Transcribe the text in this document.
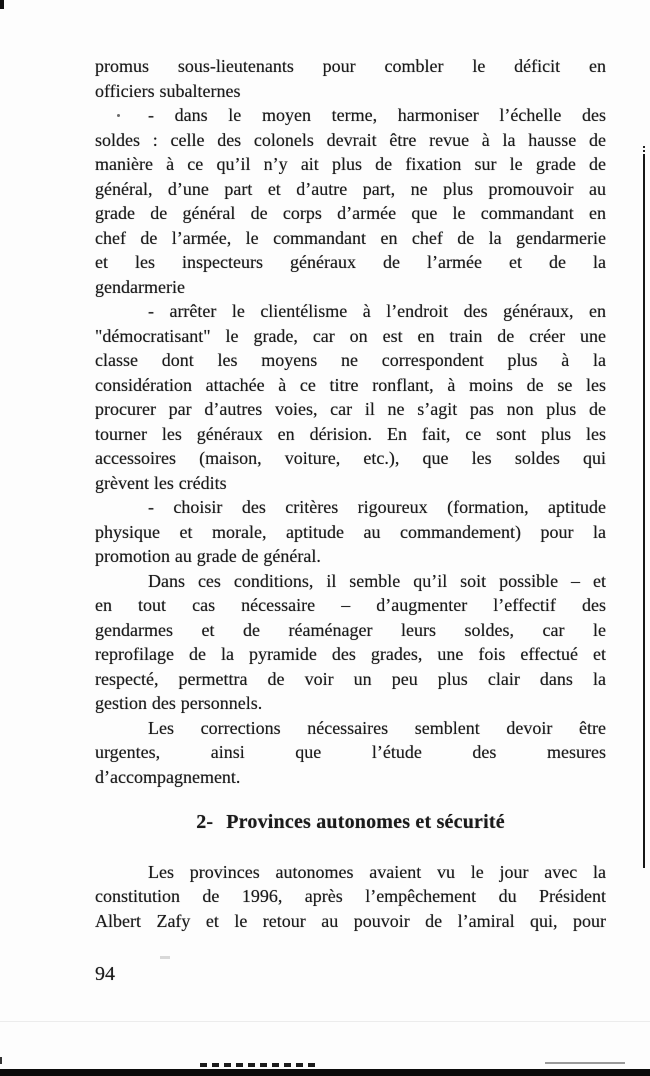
promus sous-lieutenants pour combler le déficit en
officiers subalternes
- dans le moyen terme, harmoniser l’échelle des
soldes : celle des colonels devrait être revue à la hausse de
manière à ce qu’il n’y ait plus de fixation sur le grade de
général, d’une part et d’autre part, ne plus promouvoir au
grade de général de corps d’armée que le commandant en
chef de l’armée, le commandant en chef de la gendarmerie
et les inspecteurs généraux de l’armée et de la
gendarmerie
- arrêter le clientélisme à l’endroit des généraux, en
"démocratisant" le grade, car on est en train de créer une
classe dont les moyens ne correspondent plus à la
considération attachée à ce titre ronflant, à moins de se les
procurer par d’autres voies, car il ne s’agit pas non plus de
tourner les généraux en dérision. En fait, ce sont plus les
accessoires (maison, voiture, etc.), que les soldes qui
grèvent les crédits
- choisir des critères rigoureux (formation, aptitude
physique et morale, aptitude au commandement) pour la
promotion au grade de général.
Dans ces conditions, il semble qu’il soit possible – et
en tout cas nécessaire – d’augmenter l’effectif des
gendarmes et de réaménager leurs soldes, car le
reprofilage de la pyramide des grades, une fois effectué et
respecté, permettra de voir un peu plus clair dans la
gestion des personnels.
Les corrections nécessaires semblent devoir être
urgentes, ainsi que l’étude des mesures
d’accompagnement.
2- Provinces autonomes et sécurité
Les provinces autonomes avaient vu le jour avec la
constitution de 1996, après l’empêchement du Président
Albert Zafy et le retour au pouvoir de l’amiral qui, pour
94
